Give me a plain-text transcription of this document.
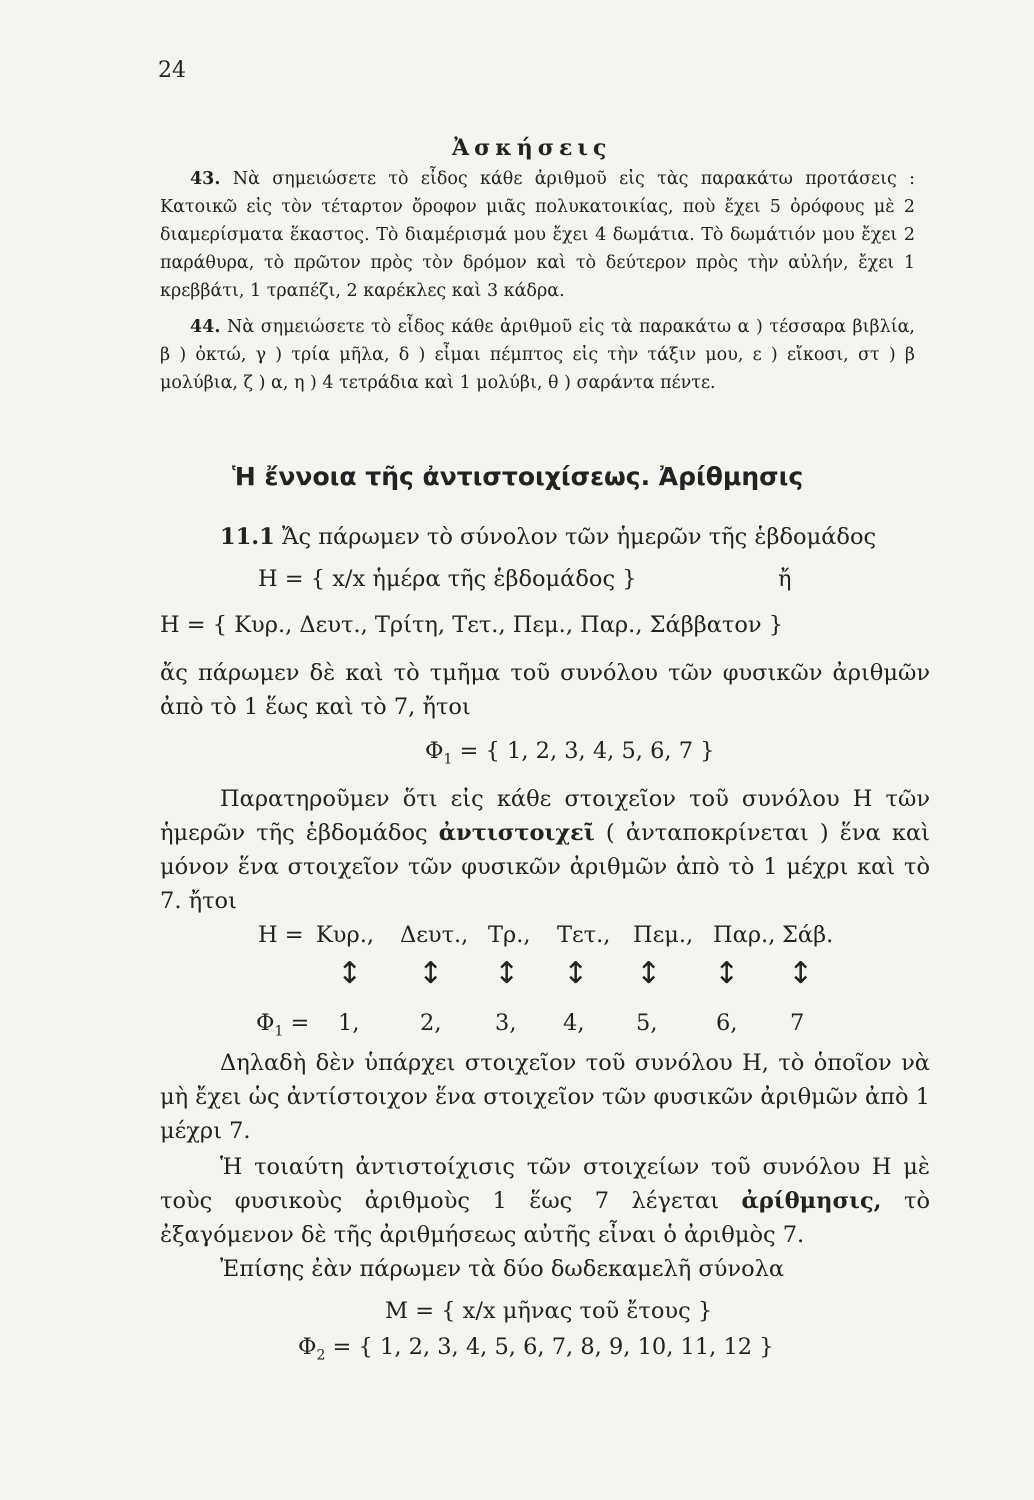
24
Ἀσκήσεις

43. Νὰ σημειώσετε τὸ εἶδος κάθε ἀριθμοῦ εἰς τὰς παρακάτω προτάσεις : Κατοικῶ εἰς τὸν τέταρτον ὄροφον μιᾶς πολυκατοικίας, ποὺ ἔχει 5 ὀρόφους μὲ 2 διαμερίσματα ἕκαστος. Τὸ διαμέρισμά μου ἔχει 4 δωμάτια. Τὸ δωμάτιόν μου ἔχει 2 παράθυρα, τὸ πρῶτον πρὸς τὸν δρόμον καὶ τὸ δεύτερον πρὸς τὴν αὐλήν, ἔχει 1 κρεββάτι, 1 τραπέζι, 2 καρέκλες καὶ 3 κάδρα.

44. Νὰ σημειώσετε τὸ εἶδος κάθε ἀριθμοῦ εἰς τὰ παρακάτω α ) τέσσαρα βιβλία, β ) ὀκτώ, γ ) τρία μῆλα, δ ) εἶμαι πέμπτος εἰς τὴν τάξιν μου, ε ) εἴκοσι, στ ) β μολύβια, ζ ) α, η ) 4 τετράδια καὶ 1 μολύβι, θ ) σαράντα πέντε.

Ἡ ἔννοια τῆς ἀντιστοιχίσεως. Ἀρίθμησις

11.1 Ἄς πάρωμεν τὸ σύνολον τῶν ἡμερῶν τῆς ἑβδομάδος

Η = { x/x ἡμέρα τῆς ἑβδομάδος }	ἤ
Η = { Κυρ., Δευτ., Τρίτη, Τετ., Πεμ., Παρ., Σάββατον }

ἄς πάρωμεν δὲ καὶ τὸ τμῆμα τοῦ συνόλου τῶν φυσικῶν ἀριθμῶν ἀπὸ τὸ 1 ἕως καὶ τὸ 7, ἤτοι

$\Phi_1$ = { 1, 2, 3, 4, 5, 6, 7 }

Παρατηροῦμεν ὅτι εἰς κάθε στοιχεῖον τοῦ συνόλου Η τῶν ἡμερῶν τῆς ἑβδομάδος ἀντιστοιχεῖ ( ἀνταποκρίνεται ) ἕνα καὶ μόνον ἕνα στοιχεῖον τῶν φυσικῶν ἀριθμῶν ἀπὸ τὸ 1 μέχρι καὶ τὸ 7. ἤτοι

Η = Κυρ., Δευτ., Τρ., Τετ., Πεμ., Παρ., Σάβ.
↕ ↕ ↕ ↕ ↕ ↕ ↕
$\Phi_1 = 1$,	2, 3, 4, 5,	6, 7

Δηλαδὴ δὲν ὑπάρχει στοιχεῖον τοῦ συνόλου Η, τὸ ὁποῖον νὰ μὴ ἔχει ὡς ἀντίστοιχον ἕνα στοιχεῖον τῶν φυσικῶν ἀριθμῶν ἀπὸ 1 μέχρι 7.

Ἡ τοιαύτη ἀντιστοίχισις τῶν στοιχείων τοῦ συνόλου Η μὲ τοὺς φυσικοὺς ἀριθμοὺς 1 ἕως 7 λέγεται ἀρίθμησις, τὸ ἐξαγόμενον δὲ τῆς ἀριθμήσεως αὐτῆς εἶναι ὁ ἀριθμὸς 7.

Ἐπίσης ἐὰν πάρωμεν τὰ δύο δωδεκαμελῆ σύνολα

Μ = { x/x μῆνας τοῦ ἔτους }
$\Phi_2$ = { 1, 2, 3, 4, 5, 6, 7, 8, 9, 10, 11, 12 }
